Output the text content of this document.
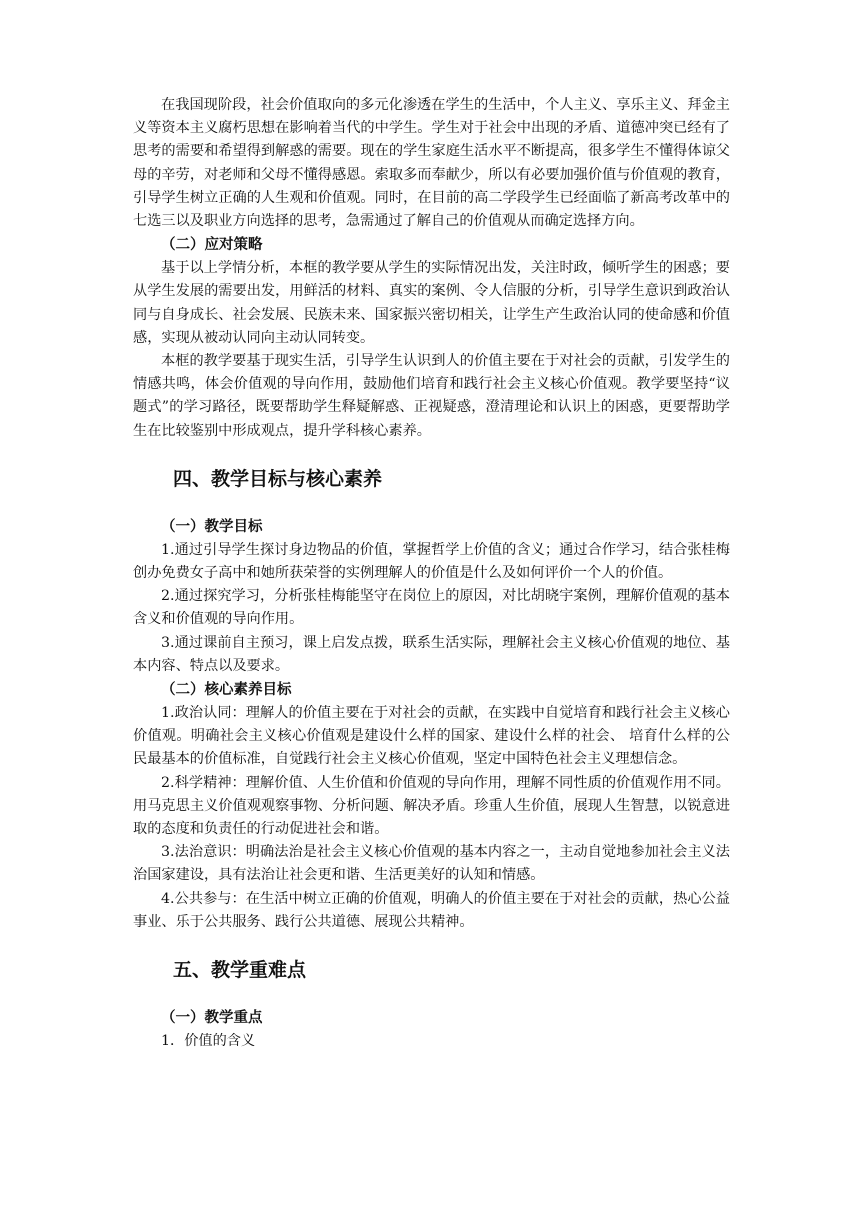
在我国现阶段，社会价值取向的多元化渗透在学生的生活中，个人主义、享乐主义、拜金主义等资本主义腐朽思想在影响着当代的中学生。学生对于社会中出现的矛盾、道德冲突已经有了思考的需要和希望得到解惑的需要。现在的学生家庭生活水平不断提高，很多学生不懂得体谅父母的辛劳，对老师和父母不懂得感恩。索取多而奉献少，所以有必要加强价值与价值观的教育，引导学生树立正确的人生观和价值观。同时，在目前的高二学段学生已经面临了新高考改革中的七选三以及职业方向选择的思考，急需通过了解自己的价值观从而确定选择方向。

（二）应对策略

基于以上学情分析，本框的教学要从学生的实际情况出发，关注时政，倾听学生的困惑；要从学生发展的需要出发，用鲜活的材料、真实的案例、令人信服的分析，引导学生意识到政治认同与自身成长、社会发展、民族未来、国家振兴密切相关，让学生产生政治认同的使命感和价值感，实现从被动认同向主动认同转变。

本框的教学要基于现实生活，引导学生认识到人的价值主要在于对社会的贡献，引发学生的情感共鸣，体会价值观的导向作用，鼓励他们培育和践行社会主义核心价值观。教学要坚持“议题式”的学习路径，既要帮助学生释疑解惑、正视疑惑，澄清理论和认识上的困惑，更要帮助学生在比较鉴别中形成观点，提升学科核心素养。

四、教学目标与核心素养

（一）教学目标

1.通过引导学生探讨身边物品的价值，掌握哲学上价值的含义；通过合作学习，结合张桂梅创办免费女子高中和她所获荣誉的实例理解人的价值是什么及如何评价一个人的价值。

2.通过探究学习，分析张桂梅能坚守在岗位上的原因，对比胡晓宇案例，理解价值观的基本含义和价值观的导向作用。

3.通过课前自主预习，课上启发点拨，联系生活实际，理解社会主义核心价值观的地位、基本内容、特点以及要求。

（二）核心素养目标

1.政治认同：理解人的价值主要在于对社会的贡献，在实践中自觉培育和践行社会主义核心价值观。明确社会主义核心价值观是建设什么样的国家、建设什么样的社会、 培育什么样的公民最基本的价值标准，自觉践行社会主义核心价值观，坚定中国特色社会主义理想信念。

2.科学精神：理解价值、人生价值和价值观的导向作用，理解不同性质的价值观作用不同。用马克思主义价值观观察事物、分析问题、解决矛盾。珍重人生价值，展现人生智慧，以锐意进取的态度和负责任的行动促进社会和谐。

3.法治意识：明确法治是社会主义核心价值观的基本内容之一，主动自觉地参加社会主义法治国家建设，具有法治让社会更和谐、生活更美好的认知和情感。

4.公共参与：在生活中树立正确的价值观，明确人的价值主要在于对社会的贡献，热心公益事业、乐于公共服务、践行公共道德、展现公共精神。

五、教学重难点

（一）教学重点

1．价值的含义
